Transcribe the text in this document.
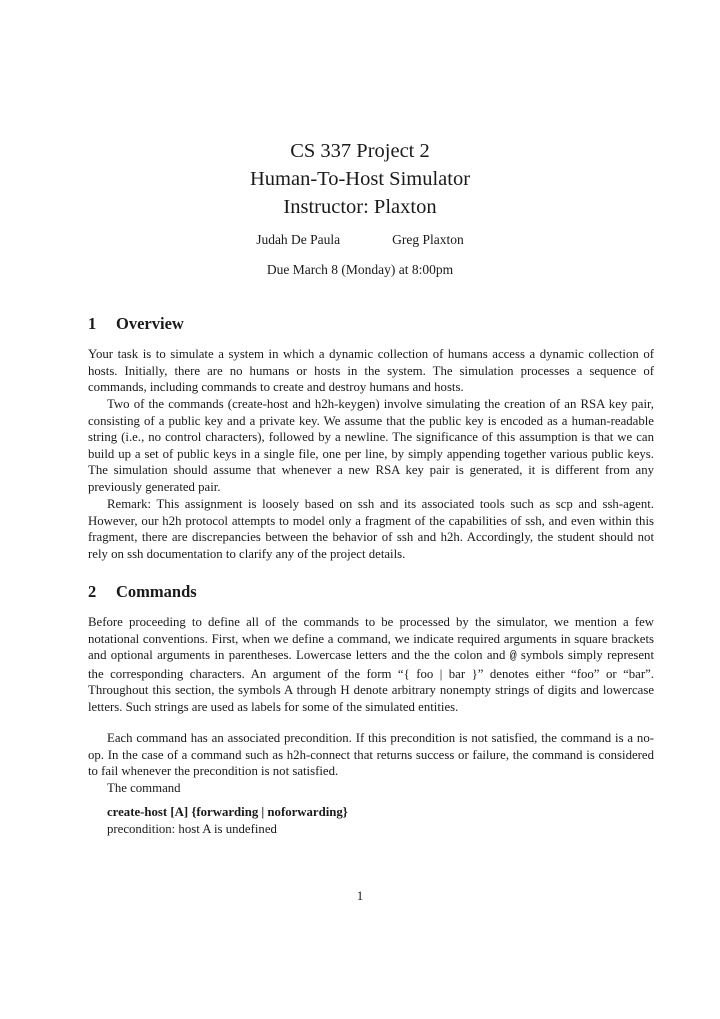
CS 337 Project 2
Human-To-Host Simulator
Instructor: Plaxton
Judah De Paula	Greg Plaxton
Due March 8 (Monday) at 8:00pm
1 Overview

Your task is to simulate a system in which a dynamic collection of humans access a dynamic collection of hosts. Initially, there are no humans or hosts in the system. The simulation processes a sequence of commands, including commands to create and destroy humans and hosts.

Two of the commands (create-host and h2h-keygen) involve simulating the creation of an RSA key pair, consisting of a public key and a private key. We assume that the public key is encoded as a human-readable string (i.e., no control characters), followed by a newline. The significance of this assumption is that we can build up a set of public keys in a single file, one per line, by simply appending together various public keys. The simulation should assume that whenever a new RSA key pair is generated, it is different from any previously generated pair.

Remark: This assignment is loosely based on ssh and its associated tools such as scp and ssh-agent. However, our h2h protocol attempts to model only a fragment of the capabilities of ssh, and even within this fragment, there are discrepancies between the behavior of ssh and h2h. Accordingly, the student should not rely on ssh documentation to clarify any of the project details.

2 Commands

Before proceeding to define all of the commands to be processed by the simulator, we mention a few notational conventions. First, when we define a command, we indicate required arguments in square brackets and optional arguments in parentheses. Lowercase letters and the the colon and @ symbols simply represent the corresponding characters. An argument of the form “{ foo | bar }” denotes either “foo” or “bar”. Throughout this section, the symbols A through H denote arbitrary nonempty strings of digits and lowercase letters. Such strings are used as labels for some of the simulated entities.

Each command has an associated precondition. If this precondition is not satisfied, the command is a no-op. In the case of a command such as h2h-connect that returns success or failure, the command is considered to fail whenever the precondition is not satisfied.

The command

create-host [A] {forwarding | noforwarding}
precondition: host A is undefined
1
